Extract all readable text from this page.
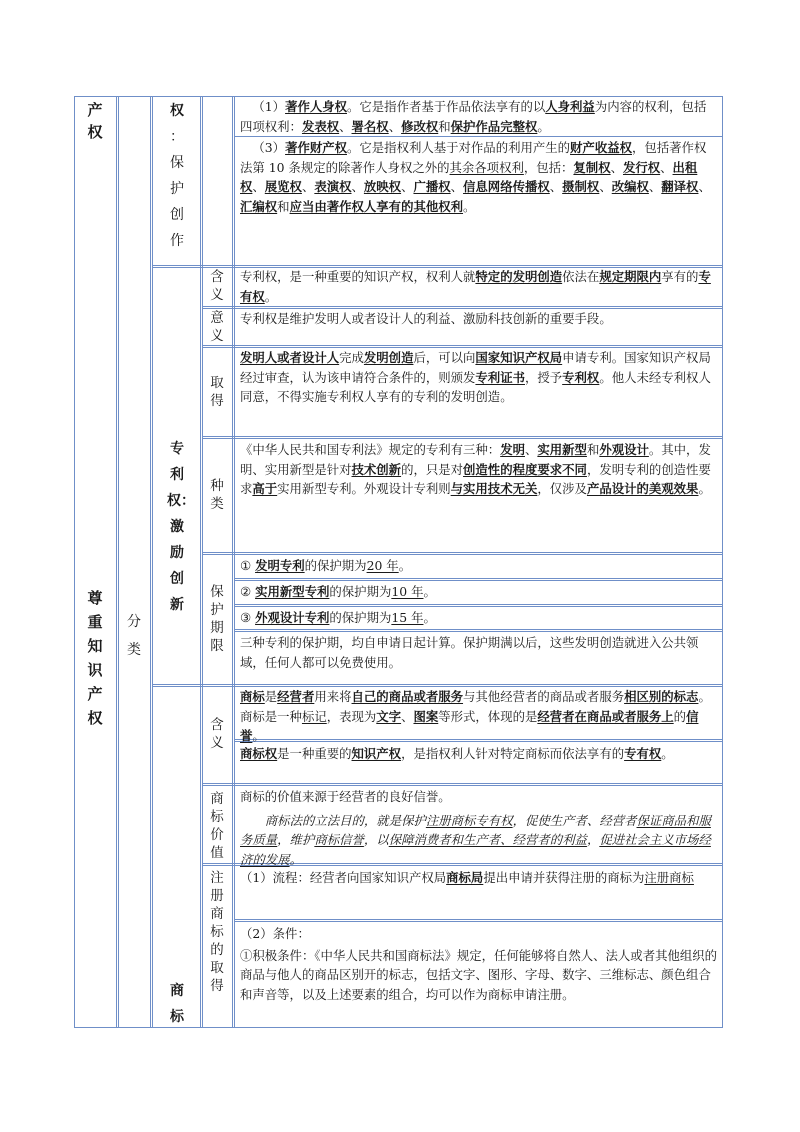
产权
尊重知识产权
分类
权
：保护创作
专利权：激励创新
商标
含义
意义
取得
种类
保护期限
含义
商标价值
注册商标的取得

（1）著作人身权。它是指作者基于作品依法享有的以人身利益为内容的权利，包括四项权利：发表权、署名权、修改权和保护作品完整权。

（3）著作财产权。它是指权利人基于对作品的利用产生的财产收益权，包括著作权法第 10 条规定的除著作人身权之外的其余各项权利，包括：复制权、发行权、出租权、展览权、表演权、放映权、广播权、信息网络传播权、摄制权、改编权、翻译权、汇编权和应当由著作权人享有的其他权利。

专利权，是一种重要的知识产权，权利人就特定的发明创造依法在规定期限内享有的专有权。

专利权是维护发明人或者设计人的利益、激励科技创新的重要手段。

发明人或者设计人完成发明创造后，可以向国家知识产权局申请专利。国家知识产权局经过审查，认为该申请符合条件的，则颁发专利证书，授予专利权。他人未经专利权人同意，不得实施专利权人享有的专利的发明创造。

《中华人民共和国专利法》规定的专利有三种：发明、实用新型和外观设计。其中，发明、实用新型是针对技术创新的，只是对创造性的程度要求不同，发明专利的创造性要求高于实用新型专利。外观设计专利则与实用技术无关，仅涉及产品设计的美观效果。

① 发明专利的保护期为20 年。

② 实用新型专利的保护期为10 年。

③ 外观设计专利的保护期为15 年。

三种专利的保护期，均自申请日起计算。保护期满以后，这些发明创造就进入公共领域，任何人都可以免费使用。

商标是经营者用来将自己的商品或者服务与其他经营者的商品或者服务相区别的标志。商标是一种标记，表现为文字、图案等形式，体现的是经营者在商品或者服务上的信誉。

商标权是一种重要的知识产权，是指权利人针对特定商标而依法享有的专有权。

商标的价值来源于经营者的良好信誉。

商标法的立法目的，就是保护注册商标专有权，促使生产者、经营者保证商品和服务质量，维护商标信誉，以保障消费者和生产者、经营者的利益，促进社会主义市场经济的发展。

（1）流程：经营者向国家知识产权局商标局提出申请并获得注册的商标为注册商标

（2）条件：

①积极条件：《中华人民共和国商标法》规定，任何能够将自然人、法人或者其他组织的商品与他人的商品区别开的标志，包括文字、图形、字母、数字、三维标志、颜色组合和声音等，以及上述要素的组合，均可以作为商标申请注册。
